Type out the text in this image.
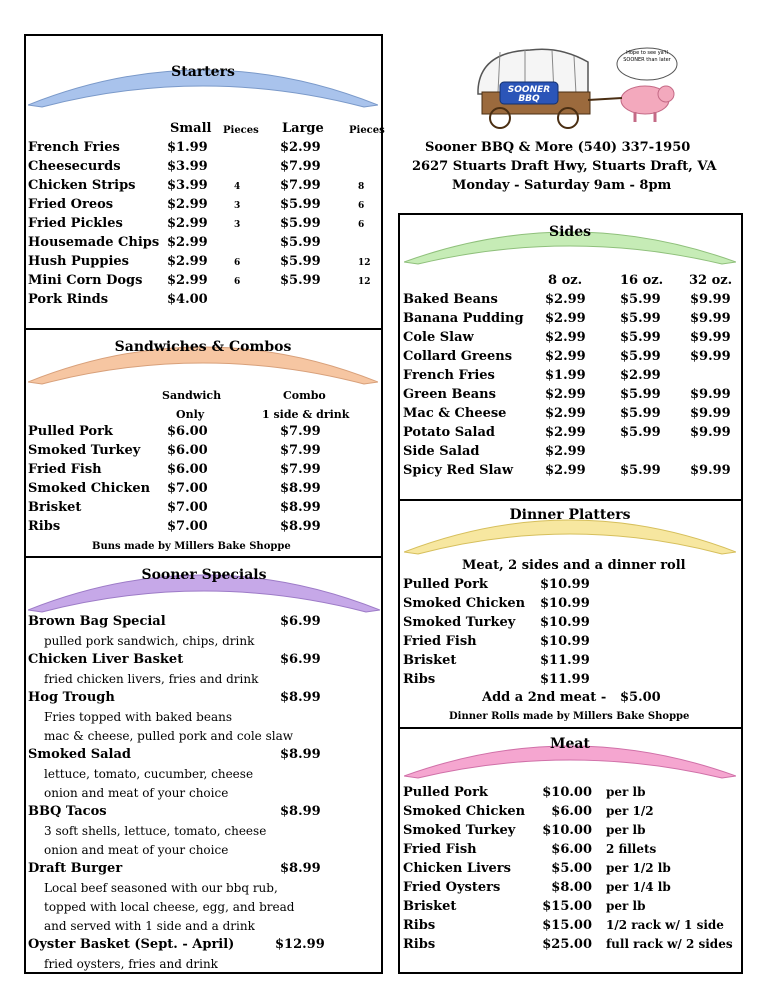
Starters
Small Pieces Large	Pieces
French Fries	$1.99	$2.99
Cheesecurds	$3.99	$7.99
Chicken Strips $3.99	4	$7.99	8
Fried Oreos	$2.99	3	$5.99	6
Fried Pickles	$2.99	3	$5.99	6
Housemade Chips $2.99	$5.99
Hush Puppies	$2.99	6	$5.99	12
Mini Corn Dogs $2.99	6	$5.99	12
Pork Rinds	$4.00
Sandwiches & Combos
Sandwich
Only
Combo
1 side & drink
Pulled Pork	$6.00	$7.99
Smoked Turkey $6.00	$7.99
Fried Fish	$6.00	$7.99
Smoked Chicken $7.00	$8.99
Brisket	$7.00	$8.99
Ribs	$7.00	$8.99
Buns made by Millers Bake Shoppe
Sooner Specials
Brown Bag Special	$6.99
pulled pork sandwich, chips, drink
Chicken Liver Basket	$6.99
fried chicken livers, fries and drink
Hog Trough	$8.99
Fries topped with baked beans
mac & cheese, pulled pork and cole slaw
Smoked Salad	$8.99
lettuce, tomato, cucumber, cheese
onion and meat of your choice
BBQ Tacos	$8.99
3 soft shells, lettuce, tomato, cheese
onion and meat of your choice
Draft Burger	$8.99
Local beef seasoned with our bbq rub,
topped with local cheese, egg, and bread
and served with 1 side and a drink
Oyster Basket (Sept. - April)	$12.99
fried oysters, fries and drink
SOONER BBQ
Hope to see ya'll SOONER than later
Sooner BBQ & More (540) 337-1950
2627 Stuarts Draft Hwy, Stuarts Draft, VA
Monday - Saturday 9am - 8pm
Sides
8 oz.	16 oz. 32 oz.
Baked Beans	$2.99	$5.99 $9.99
Banana Pudding $2.99	$5.99 $9.99
Cole Slaw	$2.99	$5.99 $9.99
Collard Greens	$2.99	$5.99 $9.99
French Fries	$1.99	$2.99
Green Beans	$2.99	$5.99 $9.99
Mac & Cheese	$2.99	$5.99 $9.99
Potato Salad	$2.99	$5.99 $9.99
Side Salad	$2.99
Spicy Red Slaw $2.99	$5.99 $9.99
Dinner Platters
Meat, 2 sides and a dinner roll
Pulled Pork	$10.99
Smoked Chicken $10.99
Smoked Turkey $10.99
Fried Fish	$10.99
Brisket	$11.99
Ribs	$11.99
Add a 2nd meat - $5.00
Dinner Rolls made by Millers Bake Shoppe
Meat
Pulled Pork	$10.00 per lb
Smoked Chicken	$6.00 per 1/2
Smoked Turkey $10.00 per lb
Fried Fish	$6.00 2 fillets
Chicken Livers	$5.00 per 1/2 lb
Fried Oysters	$8.00 per 1/4 lb
Brisket	$15.00 per lb
Ribs	$15.00 1/2 rack w/ 1 side
Ribs	$25.00 full rack w/ 2 sides
